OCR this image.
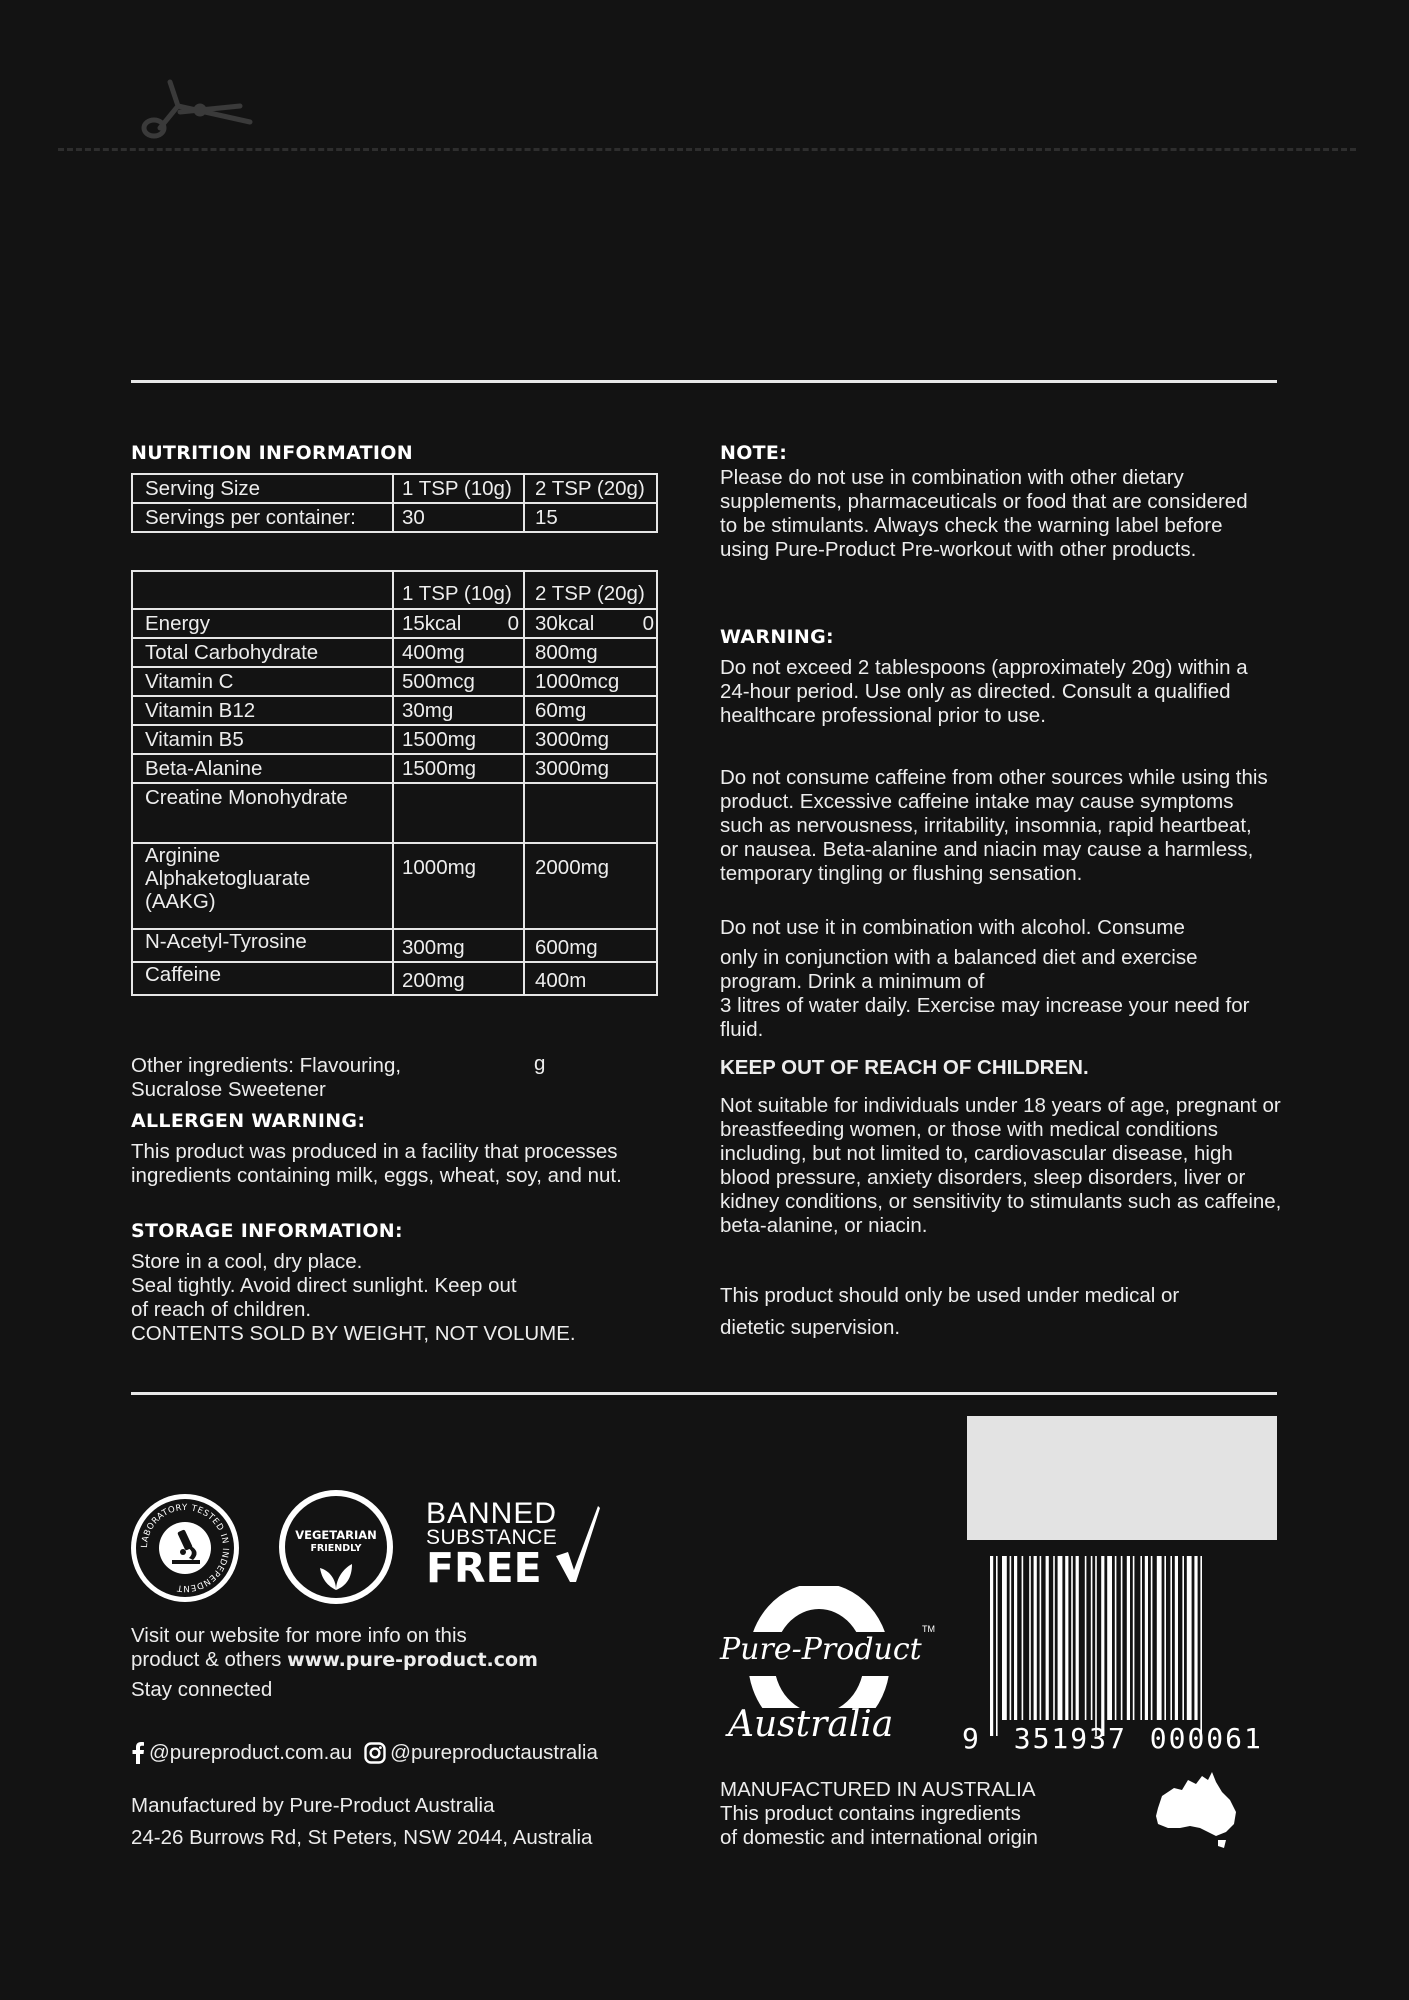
NUTRITION INFORMATION
Serving Size	1 TSP (10g)	2 TSP (20g)
Servings per container:	30	15
	1 TSP (10g)	2 TSP (20g)
Energy	15kcal 0	30kcal 0

Total Carbohydrate	400mg	800mg
Vitamin C	500mcg	1000mcg
Vitamin B12	30mg	60mg
Vitamin B5	1500mg	3000mg
Beta-Alanine	1500mg	3000mg
Creatine Monohydrate		
Arginine Alphaketogluarate (AAKG)	1000mg	2000mg
N-Acetyl-Tyrosine	300mg	600mg
Caffeine	200mg	400m
Other ingredients: Flavouring, Sucralose Sweetener
g
ALLERGEN WARNING:
This product was produced in a facility that processes ingredients containing milk, eggs, wheat, soy, and nut.
STORAGE INFORMATION:
Store in a cool, dry place.
Seal tightly. Avoid direct sunlight. Keep out
of reach of children.
CONTENTS SOLD BY WEIGHT, NOT VOLUME.
NOTE:
Please do not use in combination with other dietary supplements, pharmaceuticals or food that are considered to be stimulants. Always check the warning label before using Pure-Product Pre-workout with other products.
WARNING:
Do not exceed 2 tablespoons (approximately 20g) within a 24-hour period. Use only as directed. Consult a qualified healthcare professional prior to use.
Do not consume caffeine from other sources while using this product. Excessive caffeine intake may cause symptoms such as nervousness, irritability, insomnia, rapid heartbeat, or nausea. Beta-alanine and niacin may cause a harmless, temporary tingling or flushing sensation.
Do not use it in combination with alcohol. Consume
only in conjunction with a balanced diet and exercise program. Drink a minimum of
3 litres of water daily. Exercise may increase your need for fluid.
KEEP OUT OF REACH OF CHILDREN.
Not suitable for individuals under 18 years of age, pregnant or breastfeeding women, or those with medical conditions including, but not limited to, cardiovascular disease, high blood pressure, anxiety disorders, sleep disorders, liver or kidney conditions, or sensitivity to stimulants such as caffeine, beta-alanine, or niacin.
This product should only be used under medical or
dietetic supervision.
LABORATORY TESTED IN INDEPENDENT
VEGETARIAN
FRIENDLY
BANNED
SUBSTANCE
FREE
Visit our website for more info on this
product & others www.pure-product.com
Stay connected
@pureproduct.com.au @pureproductaustralia
Manufactured by Pure-Product Australia
24-26 Burrows Rd, St Peters, NSW 2044, Australia
Pure-Product
Australia
TM
9 351937 000061
MANUFACTURED IN AUSTRALIA
This product contains ingredients
of domestic and international origin
